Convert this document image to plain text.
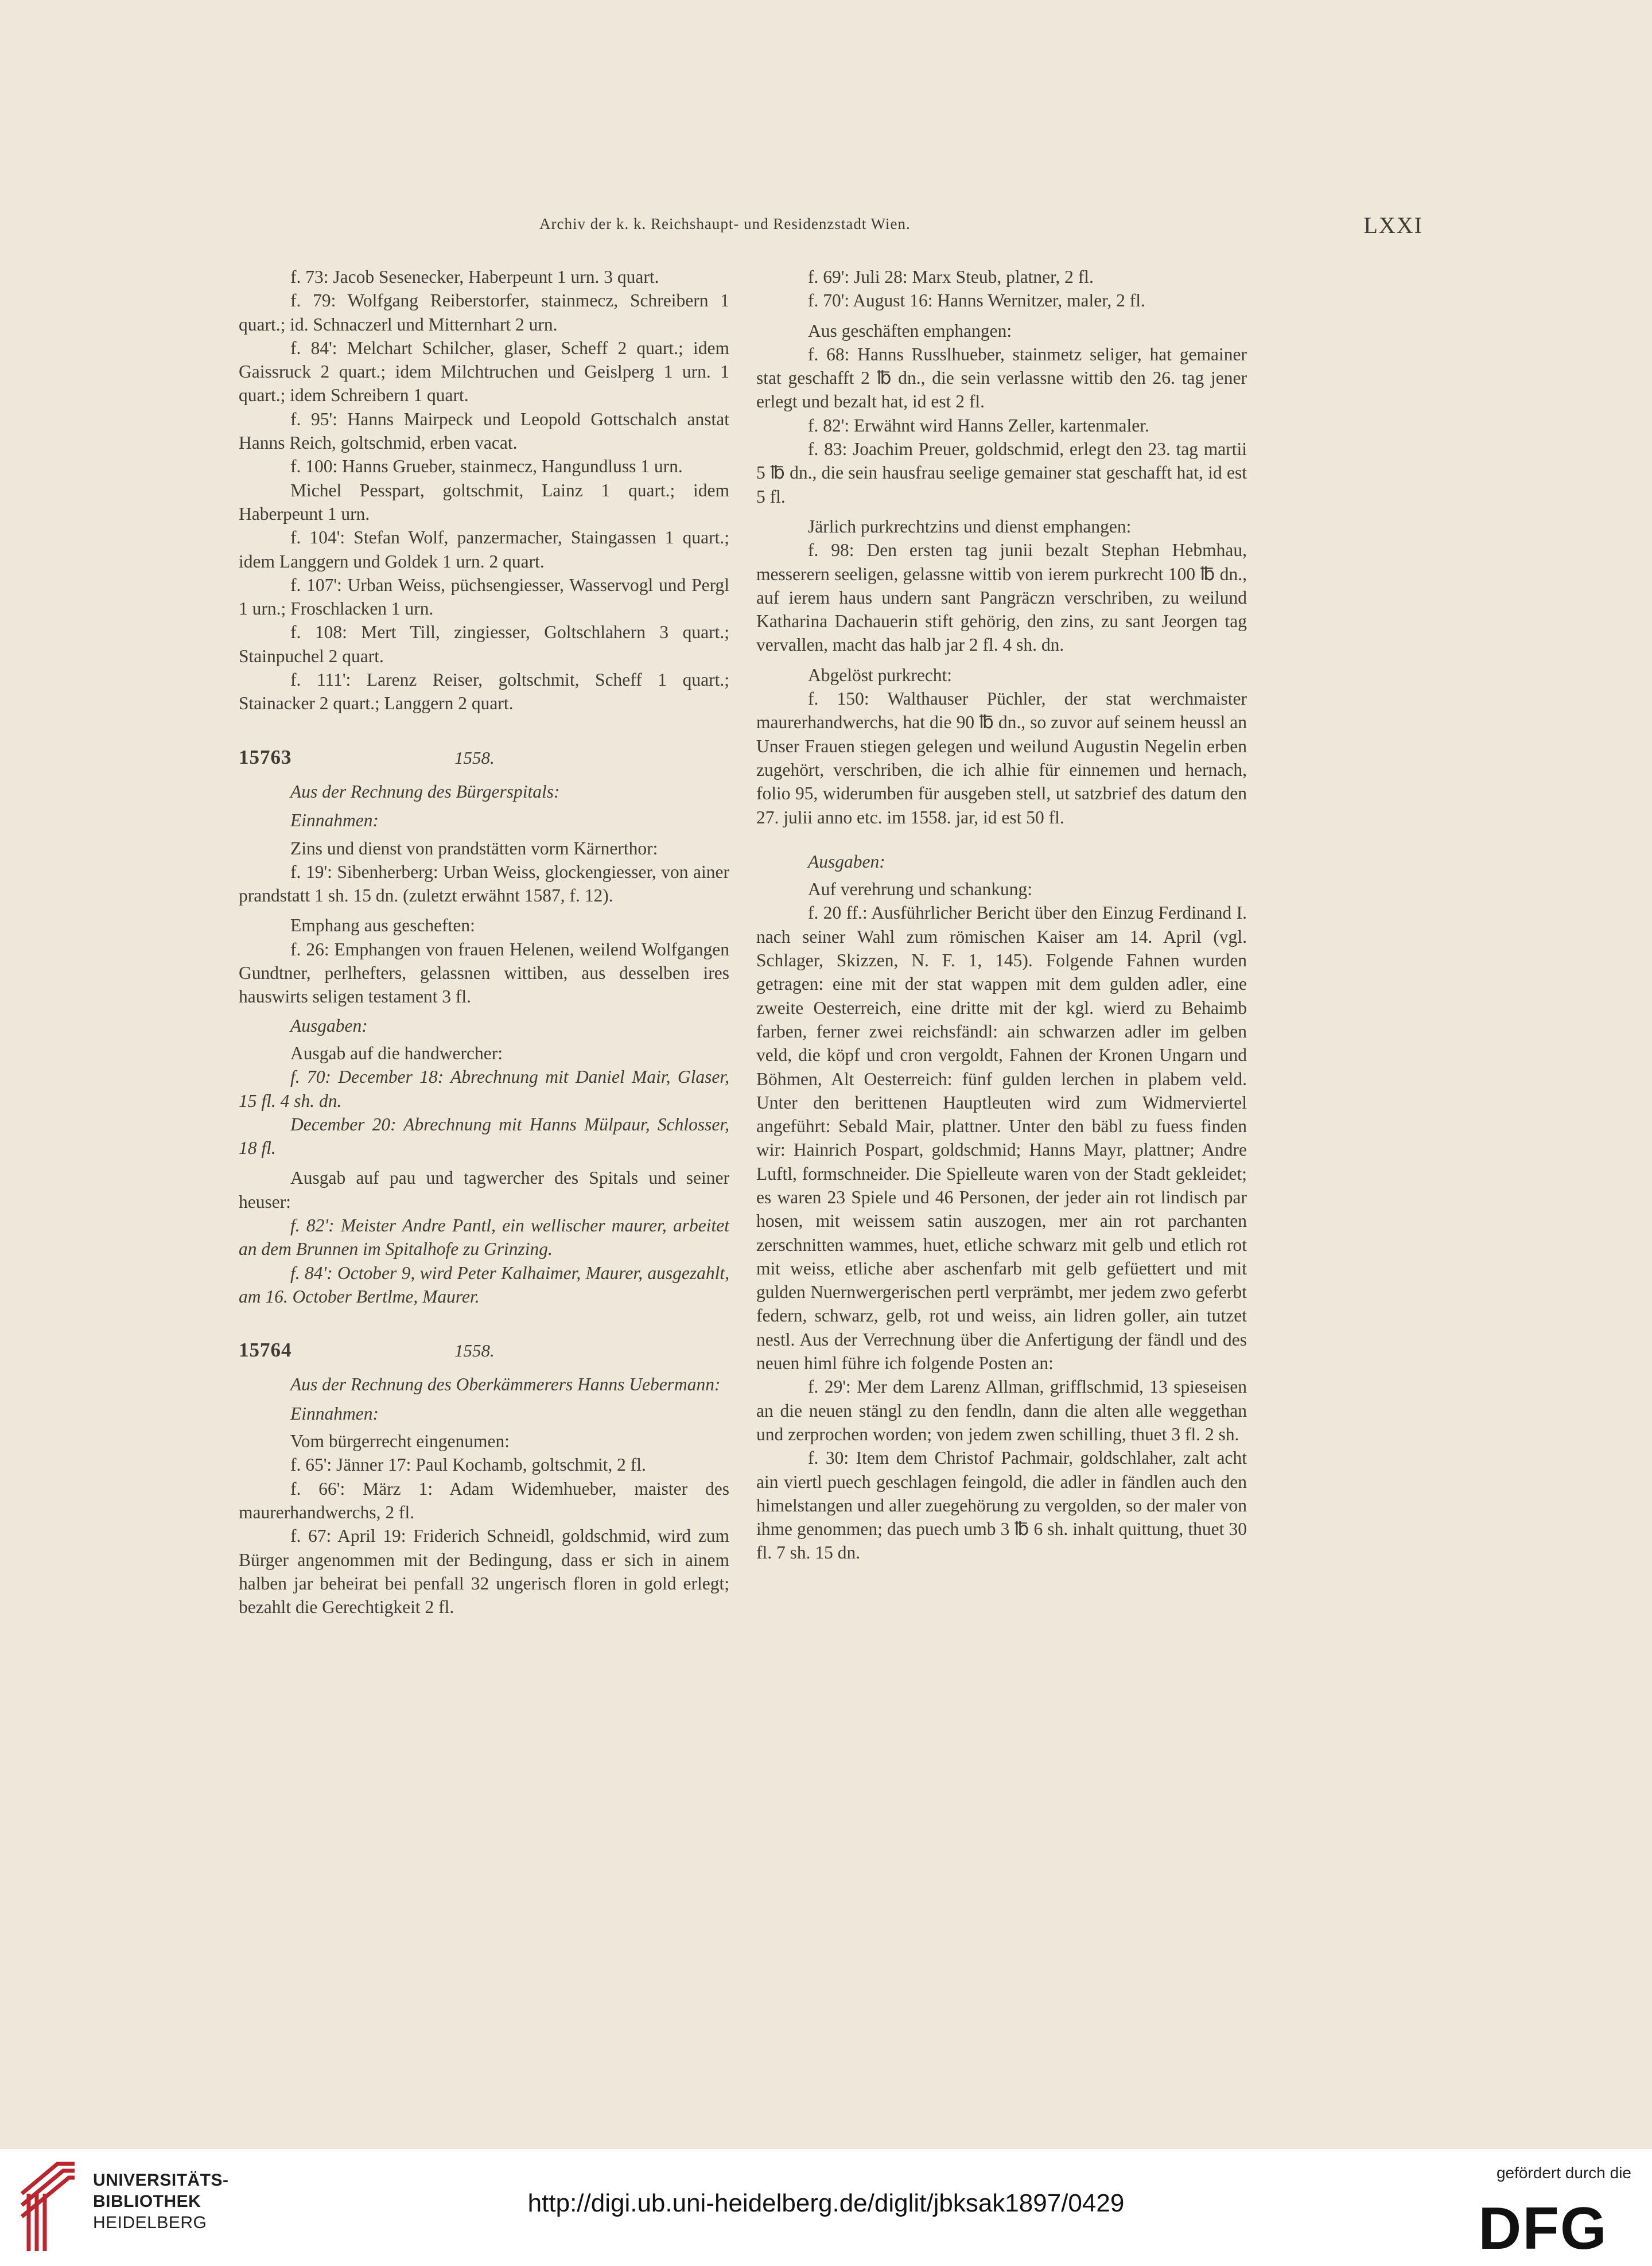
Archiv der k. k. Reichshaupt- und Residenzstadt Wien.	LXXI

f. 73: Jacob Sesenecker, Haberpeunt 1 urn. 3 quart.

f. 79: Wolfgang Reiberstorfer, stainmecz, Schreibern 1 quart.; id. Schnaczerl und Mitternhart 2 urn.

f. 84': Melchart Schilcher, glaser, Scheff 2 quart.; idem Gaissruck 2 quart.; idem Milchtruchen und Geislperg 1 urn. 1 quart.; idem Schreibern 1 quart.

f. 95': Hanns Mairpeck und Leopold Gottschalch anstat Hanns Reich, goltschmid, erben vacat.

f. 100: Hanns Grueber, stainmecz, Hangundluss 1 urn.

Michel Pesspart, goltschmit, Lainz 1 quart.; idem Haberpeunt 1 urn.

f. 104': Stefan Wolf, panzermacher, Staingassen 1 quart.; idem Langgern und Goldek 1 urn. 2 quart.

f. 107': Urban Weiss, püchsengiesser, Wasservogl und Pergl 1 urn.; Froschlacken 1 urn.

f. 108: Mert Till, zingiesser, Goltschlahern 3 quart.; Stainpuchel 2 quart.

f. 111': Larenz Reiser, goltschmit, Scheff 1 quart.; Stainacker 2 quart.; Langgern 2 quart.

15763	1558.

Aus der Rechnung des Bürgerspitals:

Einnahmen:

Zins und dienst von prandstätten vorm Kärnerthor:

f. 19': Sibenherberg: Urban Weiss, glockengiesser, von ainer prandstatt 1 sh. 15 dn. (zuletzt erwähnt 1587, f. 12).

Emphang aus gescheften:

f. 26: Emphangen von frauen Helenen, weilend Wolfgangen Gundtner, perlhefters, gelassnen wittiben, aus desselben ires hauswirts seligen testament 3 fl.

Ausgaben:

Ausgab auf die handwercher:

f. 70: December 18: Abrechnung mit Daniel Mair, Glaser, 15 fl. 4 sh. dn.

December 20: Abrechnung mit Hanns Mülpaur, Schlosser, 18 fl.

Ausgab auf pau und tagwercher des Spitals und seiner heuser:

f. 82': Meister Andre Pantl, ein wellischer maurer, arbeitet an dem Brunnen im Spitalhofe zu Grinzing.

f. 84': October 9, wird Peter Kalhaimer, Maurer, ausgezahlt, am 16. October Bertlme, Maurer.

15764	1558.

Aus der Rechnung des Oberkämmerers Hanns Uebermann:

Einnahmen:

Vom bürgerrecht eingenumen:

f. 65': Jänner 17: Paul Kochamb, goltschmit, 2 fl.

f. 66': März 1: Adam Widemhueber, maister des maurerhandwerchs, 2 fl.

f. 67: April 19: Friderich Schneidl, goldschmid, wird zum Bürger angenommen mit der Bedingung, dass er sich in ainem halben jar beheirat bei penfall 32 ungerisch floren in gold erlegt; bezahlt die Gerechtigkeit 2 fl.

f. 69': Juli 28: Marx Steub, platner, 2 fl.

f. 70': August 16: Hanns Wernitzer, maler, 2 fl.

Aus geschäften emphangen:

f. 68: Hanns Russlhueber, stainmetz seliger, hat gemainer stat geschafft 2 ℔ dn., die sein verlassne wittib den 26. tag jener erlegt und bezalt hat, id est 2 fl.

f. 82': Erwähnt wird Hanns Zeller, kartenmaler.

f. 83: Joachim Preuer, goldschmid, erlegt den 23. tag martii 5 ℔ dn., die sein hausfrau seelige gemainer stat geschafft hat, id est 5 fl.

Järlich purkrechtzins und dienst emphangen:

f. 98: Den ersten tag junii bezalt Stephan Hebmhau, messerern seeligen, gelassne wittib von ierem purkrecht 100 ℔ dn., auf ierem haus undern sant Pangräczn verschriben, zu weilund Katharina Dachauerin stift gehörig, den zins, zu sant Jeorgen tag vervallen, macht das halb jar 2 fl. 4 sh. dn.

Abgelöst purkrecht:

f. 150: Walthauser Püchler, der stat werchmaister maurerhandwerchs, hat die 90 ℔ dn., so zuvor auf seinem heussl an Unser Frauen stiegen gelegen und weilund Augustin Negelin erben zugehört, verschriben, die ich alhie für einnemen und hernach, folio 95, widerumben für ausgeben stell, ut satzbrief des datum den 27. julii anno etc. im 1558. jar, id est 50 fl.

Ausgaben:

Auf verehrung und schankung:

f. 20 ff.: Ausführlicher Bericht über den Einzug Ferdinand I. nach seiner Wahl zum römischen Kaiser am 14. April (vgl. Schlager, Skizzen, N. F. 1, 145). Folgende Fahnen wurden getragen: eine mit der stat wappen mit dem gulden adler, eine zweite Oesterreich, eine dritte mit der kgl. wierd zu Behaimb farben, ferner zwei reichsfändl: ain schwarzen adler im gelben veld, die köpf und cron vergoldt, Fahnen der Kronen Ungarn und Böhmen, Alt Oesterreich: fünf gulden lerchen in plabem veld. Unter den berittenen Hauptleuten wird zum Widmerviertel angeführt: Sebald Mair, plattner. Unter den bäbl zu fuess finden wir: Hainrich Pospart, goldschmid; Hanns Mayr, plattner; Andre Luftl, formschneider. Die Spielleute waren von der Stadt gekleidet; es waren 23 Spiele und 46 Personen, der jeder ain rot lindisch par hosen, mit weissem satin auszogen, mer ain rot parchanten zerschnitten wammes, huet, etliche schwarz mit gelb und etlich rot mit weiss, etliche aber aschenfarb mit gelb gefüettert und mit gulden Nuernwergerischen pertl verprämbt, mer jedem zwo geferbt federn, schwarz, gelb, rot und weiss, ain lidren goller, ain tutzet nestl. Aus der Verrechnung über die Anfertigung der fändl und des neuen himl führe ich folgende Posten an:

f. 29': Mer dem Larenz Allman, grifflschmid, 13 spieseisen an die neuen stängl zu den fendln, dann die alten alle weggethan und zerprochen worden; von jedem zwen schilling, thuet 3 fl. 2 sh.

f. 30: Item dem Christof Pachmair, goldschlaher, zalt acht ain viertl puech geschlagen feingold, die adler in fändlen auch den himelstangen und aller zuegehörung zu vergolden, so der maler von ihme genommen; das puech umb 3 ℔ 6 sh. inhalt quittung, thuet 30 fl. 7 sh. 15 dn.

UNIVERSITÄTS-
BIBLIOTHEK
HEIDELBERG
http://digi.ub.uni-heidelberg.de/diglit/jbksak1897/0429
gefördert durch die
DFG
